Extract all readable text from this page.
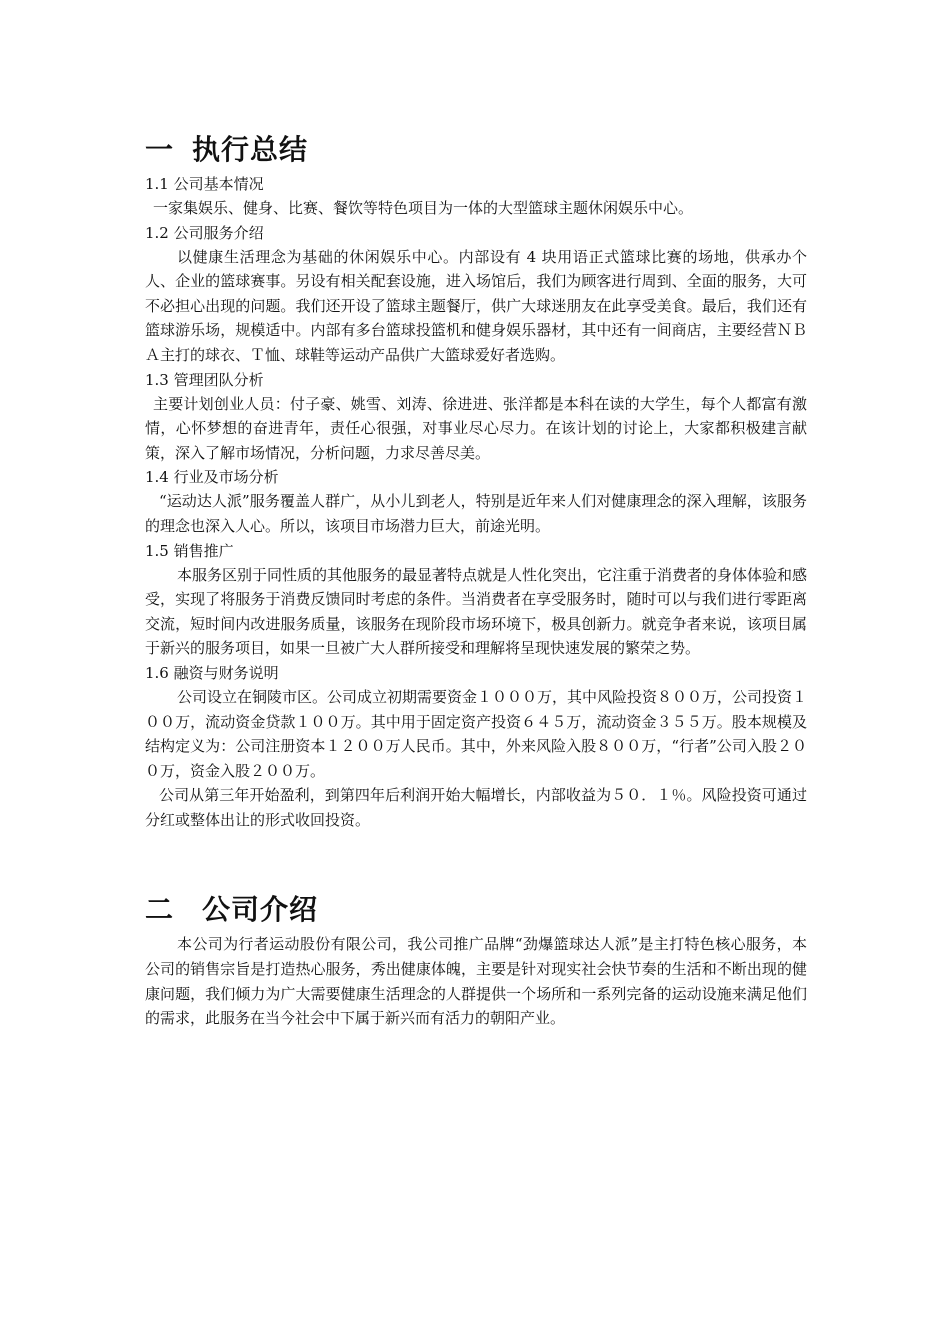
一 执行总结
1.1 公司基本情况

一家集娱乐、健身、比赛、餐饮等特色项目为一体的大型篮球主题休闲娱乐中心。

1.2 公司服务介绍

以健康生活理念为基础的休闲娱乐中心。内部设有 4 块用语正式篮球比赛的场地，供承办个人、企业的篮球赛事。另设有相关配套设施，进入场馆后，我们为顾客进行周到、全面的服务，大可不必担心出现的问题。我们还开设了篮球主题餐厅，供广大球迷朋友在此享受美食。最后，我们还有篮球游乐场，规模适中。内部有多台篮球投篮机和健身娱乐器材，其中还有一间商店，主要经营ＮＢＡ主打的球衣、Ｔ恤、球鞋等运动产品供广大篮球爱好者选购。

1.3 管理团队分析

主要计划创业人员：付子豪、姚雪、刘涛、徐进进、张洋都是本科在读的大学生，每个人都富有激情，心怀梦想的奋进青年，责任心很强，对事业尽心尽力。在该计划的讨论上，大家都积极建言献策，深入了解市场情况，分析问题，力求尽善尽美。

1.4 行业及市场分析

“运动达人派”服务覆盖人群广，从小儿到老人，特别是近年来人们对健康理念的深入理解，该服务的理念也深入人心。所以，该项目市场潜力巨大，前途光明。

1.5 销售推广

本服务区别于同性质的其他服务的最显著特点就是人性化突出，它注重于消费者的身体体验和感受，实现了将服务于消费反馈同时考虑的条件。当消费者在享受服务时，随时可以与我们进行零距离交流，短时间内改进服务质量，该服务在现阶段市场环境下，极具创新力。就竞争者来说，该项目属于新兴的服务项目，如果一旦被广大人群所接受和理解将呈现快速发展的繁荣之势。

1.6 融资与财务说明

公司设立在铜陵市区。公司成立初期需要资金１０００万，其中风险投资８００万，公司投资１００万，流动资金贷款１００万。其中用于固定资产投资６４５万，流动资金３５５万。股本规模及结构定义为：公司注册资本１２００万人民币。其中，外来风险入股８００万，“行者”公司入股２００万，资金入股２００万。

公司从第三年开始盈利，到第四年后利润开始大幅增长，内部收益为５０．１％。风险投资可通过分红或整体出让的形式收回投资。

二 公司介绍

本公司为行者运动股份有限公司，我公司推广品牌“劲爆篮球达人派”是主打特色核心服务，本公司的销售宗旨是打造热心服务，秀出健康体魄，主要是针对现实社会快节奏的生活和不断出现的健康问题，我们倾力为广大需要健康生活理念的人群提供一个场所和一系列完备的运动设施来满足他们的需求，此服务在当今社会中下属于新兴而有活力的朝阳产业。
